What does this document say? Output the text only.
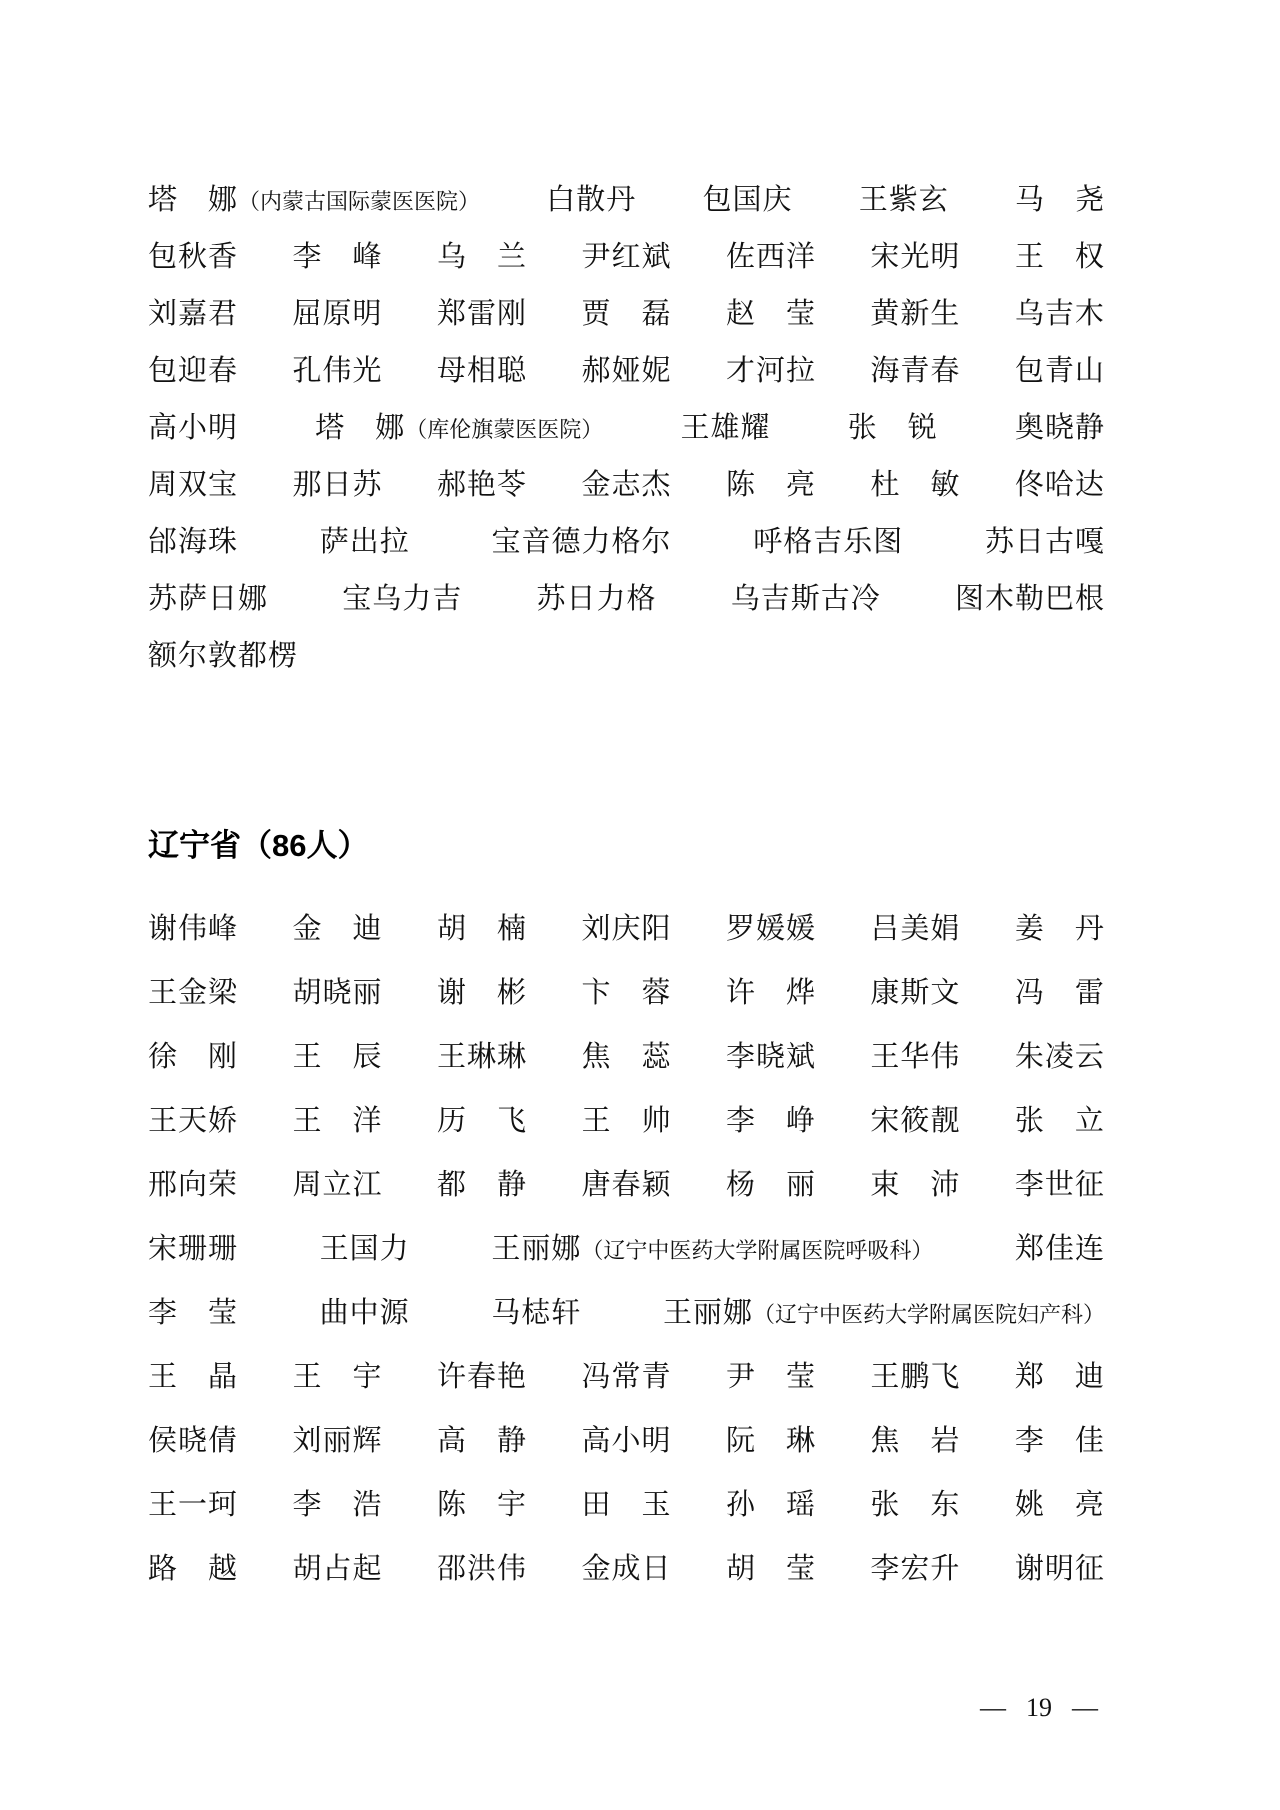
塔　娜（内蒙古国际蒙医医院） 白散丹 包国庆 王紫玄 马　尧
包秋香 李　峰 乌　兰 尹红斌 佐西洋 宋光明 王　权
刘嘉君 屈原明 郑雷刚 贾　磊 赵　莹 黄新生 乌吉木
包迎春 孔伟光 母相聪 郝娅妮 才河拉 海青春 包青山
高小明	塔　娜（库伦旗蒙医医院）	王雄耀	张　锐	奥晓静
周双宝 那日苏 郝艳苓 金志杰 陈　亮 杜　敏 佟哈达
邰海珠	萨出拉	宝音德力格尔	呼格吉乐图	苏日古嘎
苏萨日娜	宝乌力吉	苏日力格	乌吉斯古冷	图木勒巴根
额尔敦都楞
辽宁省（86人）
谢伟峰 金　迪 胡　楠 刘庆阳 罗媛媛 吕美娟 姜　丹
王金梁 胡晓丽 谢　彬 卞　蓉 许　烨 康斯文 冯　雷
徐　刚 王　辰 王琳琳 焦　蕊 李晓斌 王华伟 朱凌云
王天娇 王　洋 历　飞 王　帅 李　峥 宋筱靓 张　立
邢向荣 周立江 都　静 唐春颖 杨　丽 束　沛 李世征
宋珊珊	王国力	王丽娜（辽宁中医药大学附属医院呼吸科）	郑佳连
李　莹	曲中源	马梽轩	王丽娜（辽宁中医药大学附属医院妇产科）
王　晶 王　宇 许春艳 冯常青 尹　莹 王鹏飞 郑　迪
侯晓倩 刘丽辉 高　静 高小明 阮　琳 焦　岩 李　佳
王一珂 李　浩 陈　宇 田　玉 孙　瑶 张　东 姚　亮
路　越 胡占起 邵洪伟 金成日 胡　莹 李宏升 谢明征
— 19 —
